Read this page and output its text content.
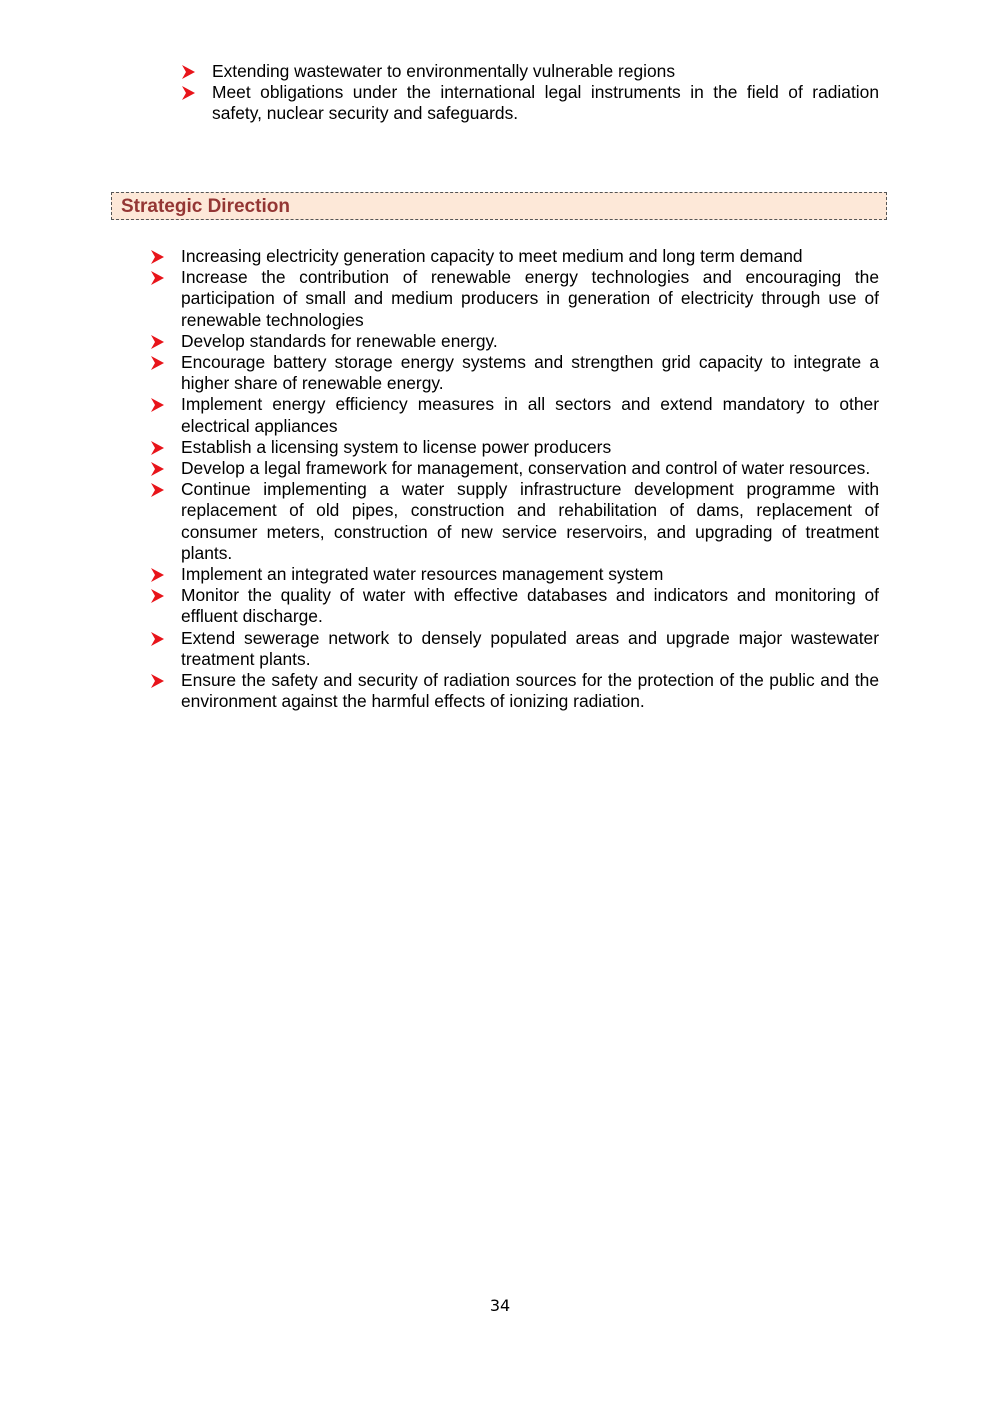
Extending wastewater to environmentally vulnerable regions
Meet obligations under the international legal instruments in the field of radiation safety, nuclear security and safeguards.
Strategic Direction
Increasing electricity generation capacity to meet medium and long term demand
Increase the contribution of renewable energy technologies and encouraging the participation of small and medium producers in generation of electricity through use of renewable technologies
Develop standards for renewable energy.
Encourage battery storage energy systems and strengthen grid capacity to integrate a higher share of renewable energy.
Implement energy efficiency measures in all sectors and extend mandatory to other electrical appliances
Establish a licensing system to license power producers
Develop a legal framework for management, conservation and control of water resources.
Continue implementing a water supply infrastructure development programme with replacement of old pipes, construction and rehabilitation of dams, replacement of consumer meters, construction of new service reservoirs, and upgrading of treatment plants.
Implement an integrated water resources management system
Monitor the quality of water with effective databases and indicators and monitoring of effluent discharge.
Extend sewerage network to densely populated areas and upgrade major wastewater treatment plants.
Ensure the safety and security of radiation sources for the protection of the public and the environment against the harmful effects of ionizing radiation.
34
